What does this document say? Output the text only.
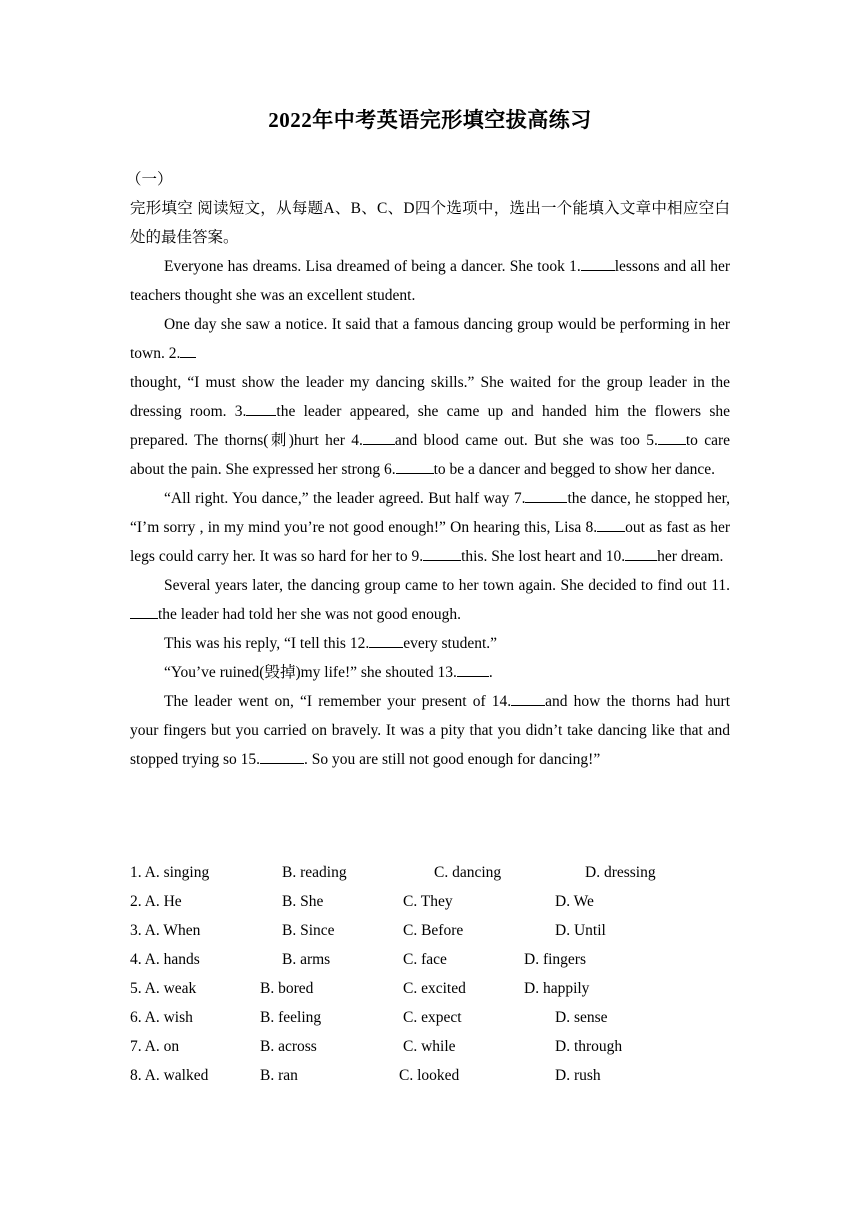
2022年中考英语完形填空拔高练习

（一）

完形填空 阅读短文，从每题A、B、C、D四个选项中，选出一个能填入文章中相应空白处的最佳答案。

Everyone has dreams. Lisa dreamed of being a dancer. She took 1. lessons and all her teachers thought she was an excellent student.

One day she saw a notice. It said that a famous dancing group would be performing in her town. 2.
thought, “I must show the leader my dancing skills.” She waited for the group leader in the dressing room. 3. the leader appeared, she came up and handed him the flowers she prepared. The thorns(刺)hurt her 4. and blood came out. But she was too 5. to care about the pain. She expressed her strong 6. to be a dancer and begged to show her dance.

“All right. You dance,” the leader agreed. But half way 7.	the dance, he stopped her, “I’m sorry , in my mind you’re not good enough!” On hearing this, Lisa 8. out as fast as her legs could carry her. It was so hard for her to 9. this. She lost heart and 10. her dream.

Several years later, the dancing group came to her town again. She decided to find out 11.the leader had told her she was not good enough.

This was his reply, “I tell this 12. every student.”

“You’ve ruined(毁掉)my life!” she shouted 13. .

The leader went on, “I remember your present of 14. and how the thorns had hurt your fingers but you carried on bravely. It was a pity that you didn’t take dancing like that and stopped trying so 15.	. So you are still not good enough for dancing!”

1. A. singing	B. reading	C. dancing	D. dressing
2. A. He	B. She	C. They	D. We
3. A. When	B. Since	C. Before	D. Until
4. A. hands	B. arms	C. face	D. fingers
5. A. weak	B. bored	C. excited	D. happily
6. A. wish	B. feeling	C. expect	D. sense
7. A. on	B. across	C. while	D. through
8. A. walked	B. ran	C. looked	D. rush
